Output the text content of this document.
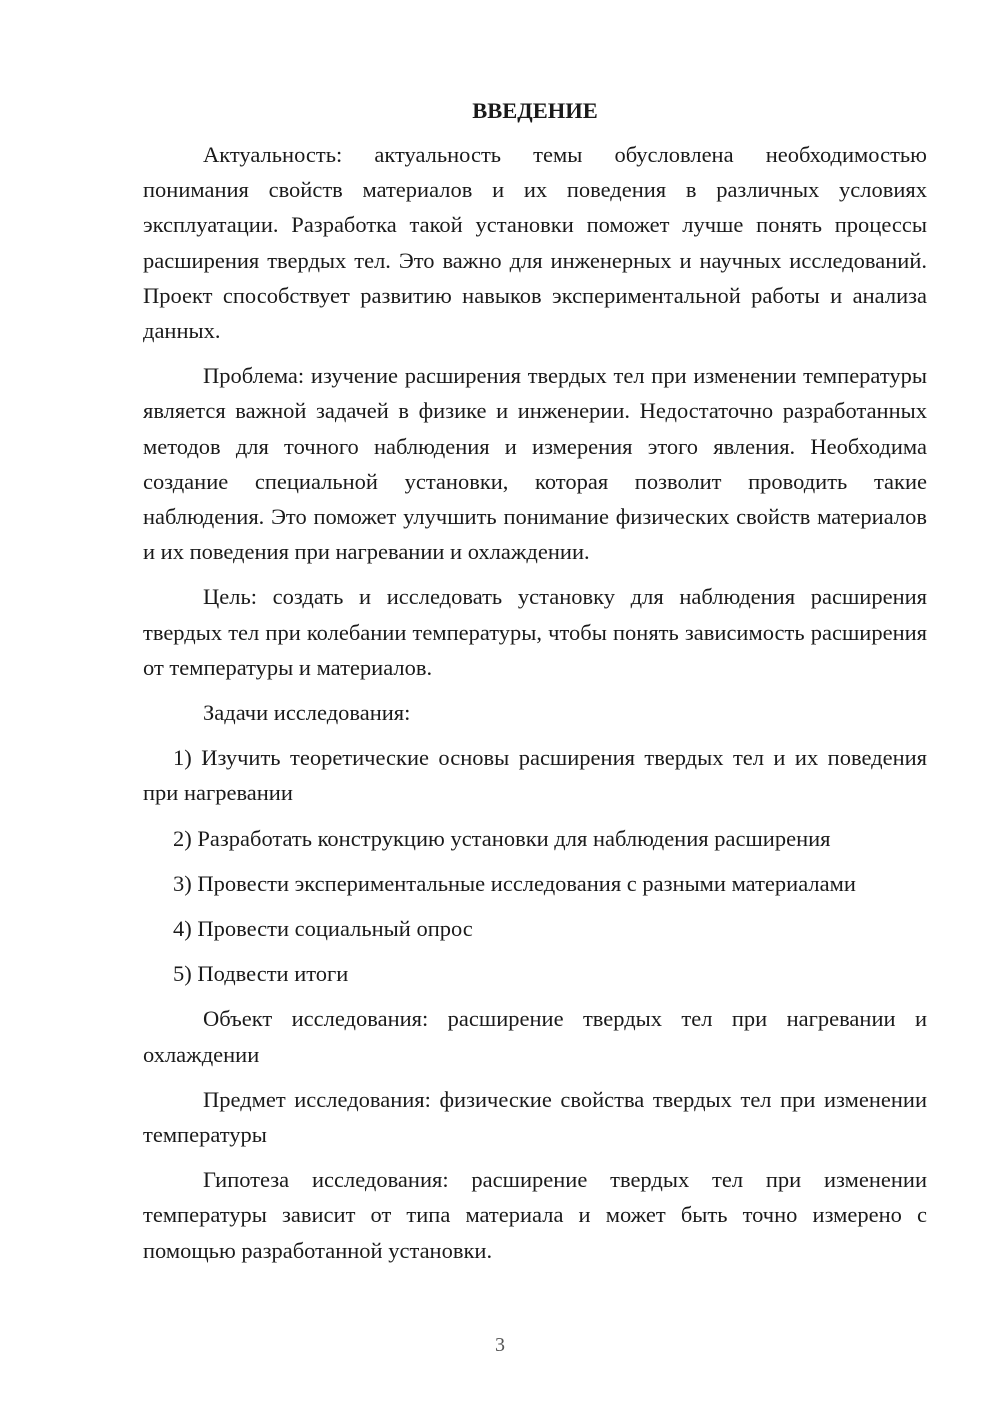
ВВЕДЕНИЕ

Актуальность: актуальность темы обусловлена необходимостью понимания свойств материалов и их поведения в различных условиях эксплуатации. Разработка такой установки поможет лучше понять процессы расширения твердых тел. Это важно для инженерных и научных исследований. Проект способствует развитию навыков экспериментальной работы и анализа данных.

Проблема: изучение расширения твердых тел при изменении температуры является важной задачей в физике и инженерии. Недостаточно разработанных методов для точного наблюдения и измерения этого явления. Необходима создание специальной установки, которая позволит проводить такие наблюдения. Это поможет улучшить понимание физических свойств материалов и их поведения при нагревании и охлаждении.

Цель: создать и исследовать установку для наблюдения расширения твердых тел при колебании температуры, чтобы понять зависимость расширения от температуры и материалов.

Задачи исследования:

1) Изучить теоретические основы расширения твердых тел и их поведения при нагревании

2) Разработать конструкцию установки для наблюдения расширения

3) Провести экспериментальные исследования с разными материалами

4) Провести социальный опрос

5) Подвести итоги

Объект исследования: расширение твердых тел при нагревании и охлаждении

Предмет исследования: физические свойства твердых тел при изменении температуры

Гипотеза исследования: расширение твердых тел при изменении температуры зависит от типа материала и может быть точно измерено с помощью разработанной установки.

3
